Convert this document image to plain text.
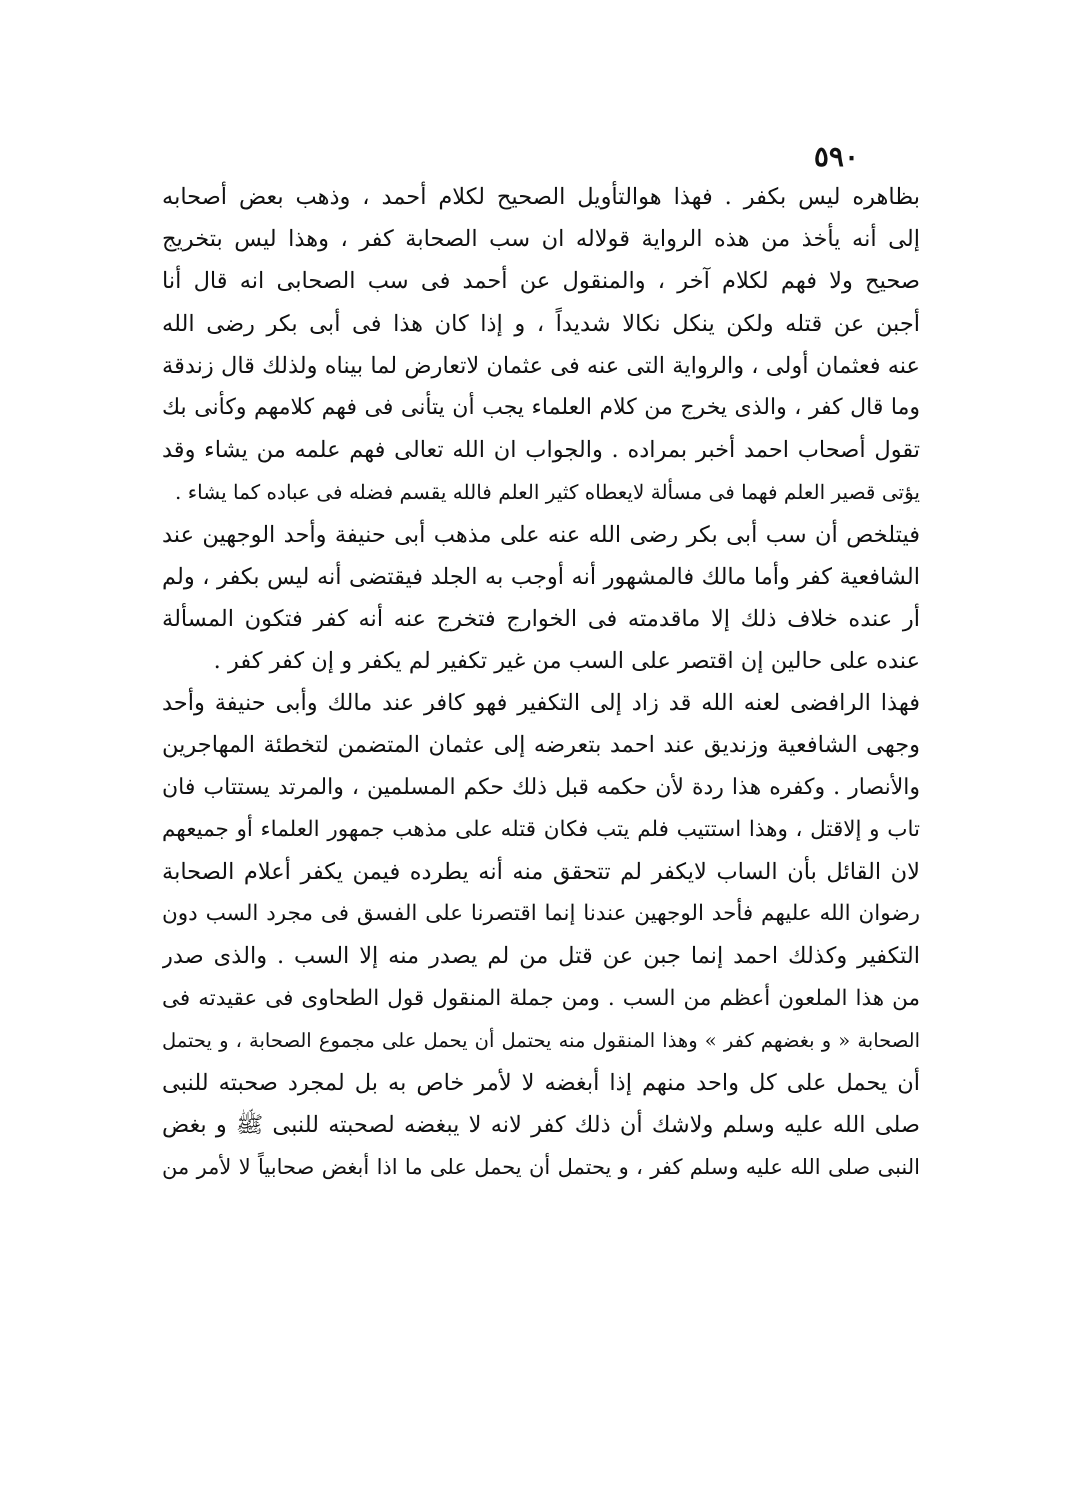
٥٩٠
بظاهره ليس بكفر . فهذا هوالتأويل الصحيح لكلام أحمد ، وذهب بعض أصحابه
إلى أنه يأخذ من هذه الرواية قولاله ان سب الصحابة كفر ، وهذا ليس بتخريج
صحيح ولا فهم لكلام آخر ، والمنقول عن أحمد فى سب الصحابى انه قال أنا
أجبن عن قتله ولكن ينكل نكالا شديداً ، و إذا كان هذا فى أبى بكر رضى الله
عنه فعثمان أولى ، والرواية التى عنه فى عثمان لاتعارض لما بيناه ولذلك قال زندقة
وما قال كفر ، والذى يخرج من كلام العلماء يجب أن يتأنى فى فهم كلامهم وكأنى بك
تقول أصحاب احمد أخبر بمراده . والجواب ان الله تعالى فهم علمه من يشاء وقد
يؤتى قصير العلم فهما فى مسألة لايعطاه كثير العلم فالله يقسم فضله فى عباده كما يشاء .
فيتلخص أن سب أبى بكر رضى الله عنه على مذهب أبى حنيفة وأحد الوجهين عند
الشافعية كفر وأما مالك فالمشهور أنه أوجب به الجلد فيقتضى أنه ليس بكفر ، ولم
أر عنده خلاف ذلك إلا ماقدمته فى الخوارج فتخرج عنه أنه كفر فتكون المسألة
عنده على حالين إن اقتصر على السب من غير تكفير لم يكفر و إن كفر كفر .
فهذا الرافضى لعنه الله قد زاد إلى التكفير فهو كافر عند مالك وأبى حنيفة وأحد
وجهى الشافعية وزنديق عند احمد بتعرضه إلى عثمان المتضمن لتخطئة المهاجرين
والأنصار . وكفره هذا ردة لأن حكمه قبل ذلك حكم المسلمين ، والمرتد يستتاب فان
تاب و إلاقتل ، وهذا استتيب فلم يتب فكان قتله على مذهب جمهور العلماء أو جميعهم
لان القائل بأن الساب لايكفر لم تتحقق منه أنه يطرده فيمن يكفر أعلام الصحابة
رضوان الله عليهم فأحد الوجهين عندنا إنما اقتصرنا على الفسق فى مجرد السب دون
التكفير وكذلك احمد إنما جبن عن قتل من لم يصدر منه إلا السب . والذى صدر
من هذا الملعون أعظم من السب . ومن جملة المنقول قول الطحاوى فى عقيدته فى
الصحابة « و بغضهم كفر » وهذا المنقول منه يحتمل أن يحمل على مجموع الصحابة ، و يحتمل
أن يحمل على كل واحد منهم إذا أبغضه لا لأمر خاص به بل لمجرد صحبته للنبى
صلى الله عليه وسلم ولاشك أن ذلك كفر لانه لا يبغضه لصحبته للنبى ﷺ و بغض
النبى صلى الله عليه وسلم كفر ، و يحتمل أن يحمل على ما اذا أبغض صحابياً لا لأمر من
